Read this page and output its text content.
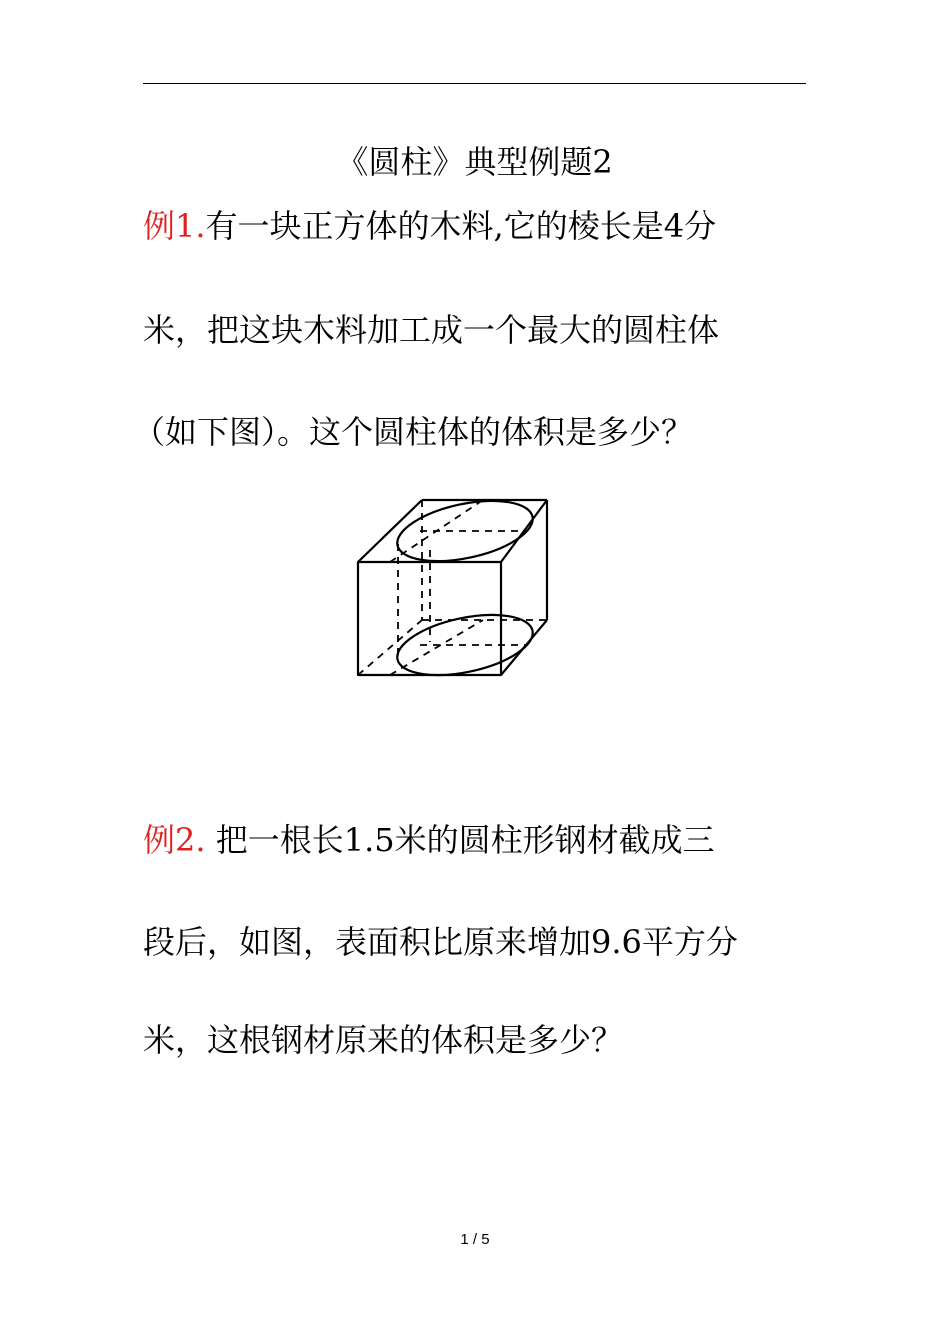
《圆柱》典型例题2
例1.有一块正方体的木料,它的棱长是4分
米，把这块木料加工成一个最大的圆柱体
（如下图）。这个圆柱体的体积是多少？
例2. 把一根长1.5米的圆柱形钢材截成三
段后，如图，表面积比原来增加9.6平方分
米，这根钢材原来的体积是多少？
1 / 5
